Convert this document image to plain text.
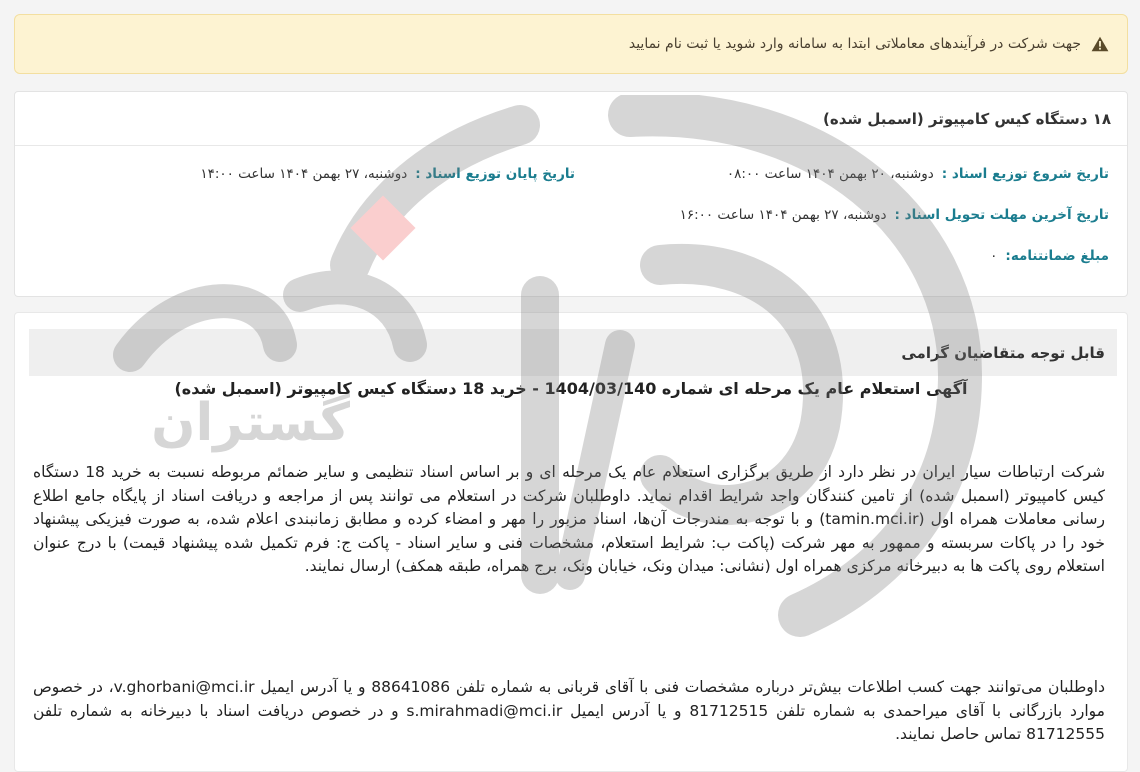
جهت شرکت در فرآیندهای معاملاتی ابتدا به سامانه وارد شوید یا ثبت نام نمایید
۱۸ دستگاه کیس کامپیوتر (اسمبل شده)
تاریخ شروع توزیع اسناد :
دوشنبه، ۲۰ بهمن ۱۴۰۴ ساعت ۰۸:۰۰
تاریخ پایان توزیع اسناد :
دوشنبه، ۲۷ بهمن ۱۴۰۴ ساعت ۱۴:۰۰
تاریخ آخرین مهلت تحویل اسناد :
دوشنبه، ۲۷ بهمن ۱۴۰۴ ساعت ۱۶:۰۰
مبلغ ضمانتنامه:
۰
قابل توجه متقاضیان گرامی
آگهی استعلام عام یک مرحله ای شماره 1404/03/140 - خرید 18 دستگاه کیس کامپیوتر (اسمبل شده)

شرکت ارتباطات سیار ایران در نظر دارد از طریق برگزاری استعلام عام یک مرحله ای و بر اساس اسناد تنظیمی و سایر ضمائم مربوطه نسبت به خرید 18 دستگاه کیس کامپیوتر (اسمبل شده) از تامین کنندگان واجد شرایط اقدام نماید. داوطلبان شرکت در استعلام می توانند پس از مراجعه و دریافت اسناد از پایگاه جامع اطلاع رسانی معاملات همراه اول (tamin.mci.ir) و با توجه به مندرجات آن‌ها، اسناد مزبور را مهر و امضاء کرده و مطابق زمانبندی اعلام شده، به صورت فیزیکی پیشنهاد خود را در پاکات سربسته و ممهور به مهر شرکت (پاکت ب: شرایط استعلام، مشخصات فنی و سایر اسناد - پاکت ج: فرم تکمیل شده پیشنهاد قیمت) با درج عنوان استعلام روی پاکت ها به دبیرخانه مرکزی همراه اول (نشانی: میدان ونک، خیابان ونک، برج همراه، طبقه همکف) ارسال نمایند.

داوطلبان می‌توانند جهت کسب اطلاعات بیش‌تر درباره مشخصات فنی با آقای قربانی به شماره تلفن 88641086 و یا آدرس ایمیل v.ghorbani@mci.ir، در خصوص موارد بازرگانی با آقای میراحمدی به شماره تلفن 81712515 و یا آدرس ایمیل s.mirahmadi@mci.ir و در خصوص دریافت اسناد با دبیرخانه به شماره تلفن 81712555 تماس حاصل نمایند.

گستران
